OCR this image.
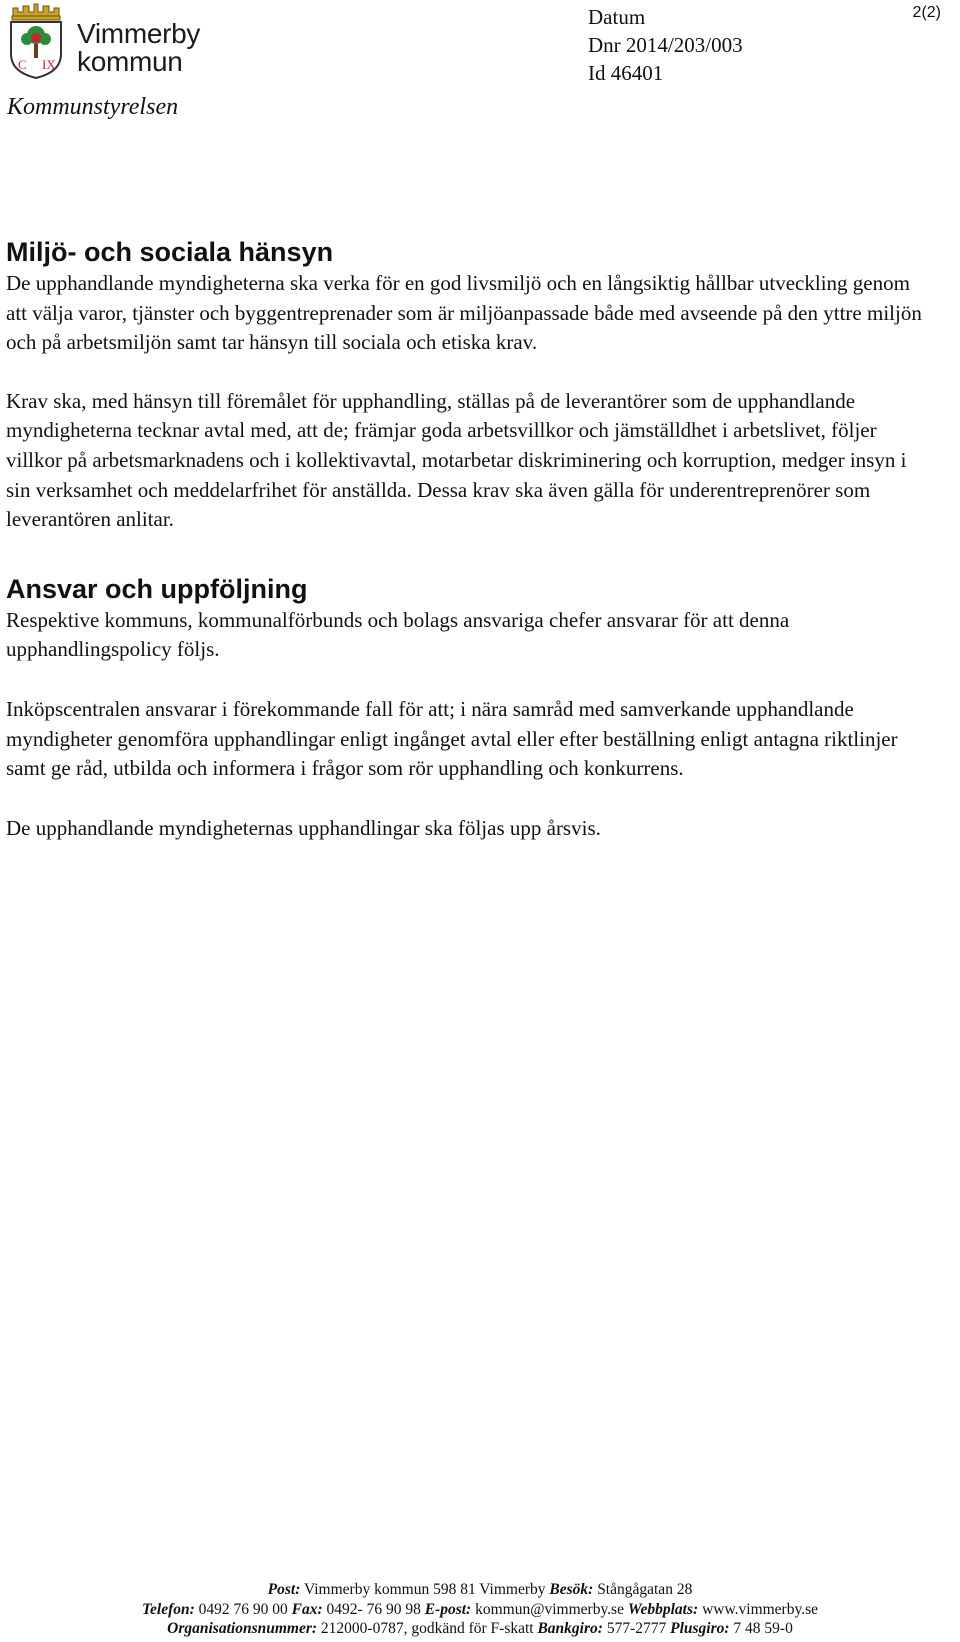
C IX
Vimmerby
kommun
Kommunstyrelsen
Datum
Dnr 2014/203/003
Id 46401
2(2)
Miljö- och sociala hänsyn

De upphandlande myndigheterna ska verka för en god livsmiljö och en långsiktig hållbar utveckling genom att välja varor, tjänster och byggentreprenader som är miljöanpassade både med avseende på den yttre miljön och på arbetsmiljön samt tar hänsyn till sociala och etiska krav.

Krav ska, med hänsyn till föremålet för upphandling, ställas på de leverantörer som de upphandlande myndigheterna tecknar avtal med, att de; främjar goda arbetsvillkor och jämställdhet i arbetslivet, följer villkor på arbetsmarknadens och i kollektivavtal, motarbetar diskriminering och korruption, medger insyn i sin verksamhet och meddelarfrihet för anställda. Dessa krav ska även gälla för underentreprenörer som leverantören anlitar.

Ansvar och uppföljning

Respektive kommuns, kommunalförbunds och bolags ansvariga chefer ansvarar för att denna upphandlingspolicy följs.

Inköpscentralen ansvarar i förekommande fall för att; i nära samråd med samverkande upphandlande myndigheter genomföra upphandlingar enligt ingånget avtal eller efter beställning enligt antagna riktlinjer samt ge råd, utbilda och informera i frågor som rör upphandling och konkurrens.

De upphandlande myndigheternas upphandlingar ska följas upp årsvis.

Post: Vimmerby kommun 598 81 Vimmerby Besök: Stångågatan 28
Telefon: 0492 76 90 00 Fax: 0492- 76 90 98 E-post: kommun@vimmerby.se Webbplats: www.vimmerby.se
Organisationsnummer: 212000-0787, godkänd för F-skatt Bankgiro: 577-2777 Plusgiro: 7 48 59-0
